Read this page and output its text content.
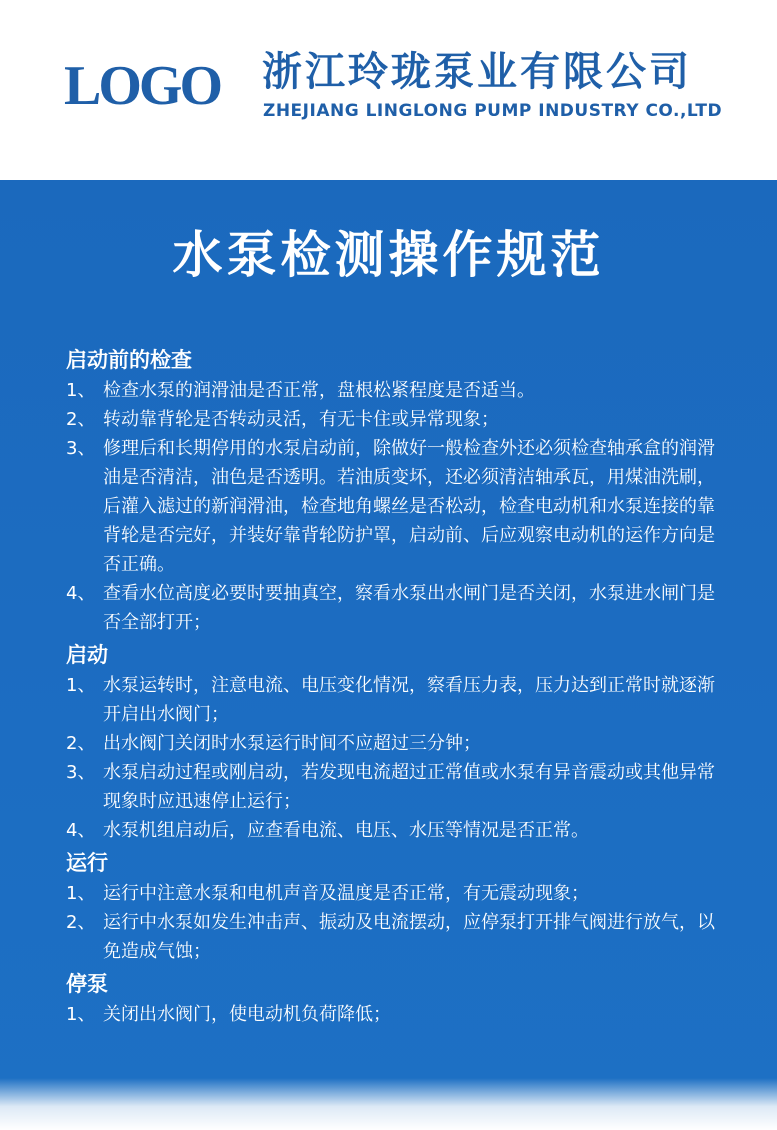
LOGO 浙江玲珑泵业有限公司
ZHEJIANG LINGLONG PUMP INDUSTRY CO.,LTD
水泵检测操作规范
启动前的检查
1、 检查水泵的润滑油是否正常，盘根松紧程度是否适当。
2、 转动靠背轮是否转动灵活，有无卡住或异常现象；
3、 修理后和长期停用的水泵启动前，除做好一般检查外还必须检查轴承盒的润滑油是否清洁，油色是否透明。若油质变坏，还必须清洁轴承瓦，用煤油洗刷，后灌入滤过的新润滑油，检查地角螺丝是否松动，检查电动机和水泵连接的靠背轮是否完好，并装好靠背轮防护罩，启动前、后应观察电动机的运作方向是否正确。
4、 查看水位高度必要时要抽真空，察看水泵出水闸门是否关闭，水泵进水闸门是否全部打开；
启动
1、 水泵运转时，注意电流、电压变化情况，察看压力表，压力达到正常时就逐渐开启出水阀门；
2、 出水阀门关闭时水泵运行时间不应超过三分钟；
3、 水泵启动过程或刚启动，若发现电流超过正常值或水泵有异音震动或其他异常现象时应迅速停止运行；
4、 水泵机组启动后，应查看电流、电压、水压等情况是否正常。
运行
1、 运行中注意水泵和电机声音及温度是否正常，有无震动现象；
2、 运行中水泵如发生冲击声、振动及电流摆动，应停泵打开排气阀进行放气，以免造成气蚀；
停泵
1、 关闭出水阀门，使电动机负荷降低；
